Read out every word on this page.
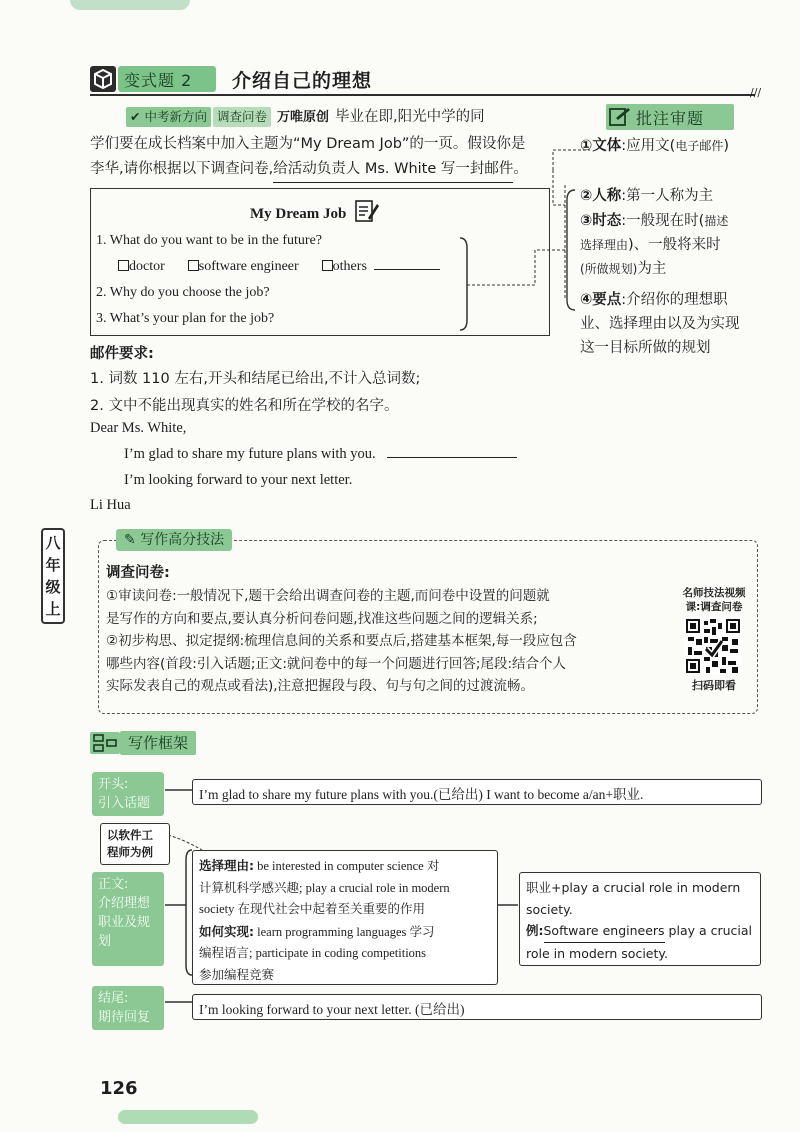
变式题 2	介绍自己的理想
///
✔ 中考新方向 调查问卷 万唯原创 毕业在即,阳光中学的同
学们要在成长档案中加入主题为“My Dream Job”的一页。假设你是
李华,请你根据以下调查问卷,给活动负责人 Ms. White 写一封邮件。
My Dream Job
1. What do you want to be in the future?
doctor software engineer others
2. Why do you choose the job?
3. What’s your plan for the job?
批注审题
①文体:应用文(电子邮件)
②人称:第一人称为主
③时态:一般现在时(描述
选择理由)、一般将来时
(所做规划)为主
④要点:介绍你的理想职
业、选择理由以及为实现
这一目标所做的规划
邮件要求:
1. 词数 110 左右,开头和结尾已给出,不计入总词数;
2. 文中不能出现真实的姓名和所在学校的名字。
Dear Ms. White,
I’m glad to share my future plans with you.
I’m looking forward to your next letter.
Li Hua
八
年
级
上
✎ 写作高分技法
调查问卷:
①审读问卷:一般情况下,题干会给出调查问卷的主题,而问卷中设置的问题就
是写作的方向和要点,要认真分析问卷问题,找准这些问题之间的逻辑关系;
②初步构思、拟定提纲:梳理信息间的关系和要点后,搭建基本框架,每一段应包含
哪些内容(首段:引入话题;正文:就问卷中的每一个问题进行回答;尾段:结合个人
实际发表自己的观点或看法),注意把握段与段、句与句之间的过渡流畅。
名师技法视频
课:调查问卷
扫码即看
写作框架
开头:
引入话题
I’m glad to share my future plans with you.(已给出) I want to become a/an+职业.
以软件工
程师为例
正文:
介绍理想
职业及规
划
选择理由: be interested in computer science 对
计算机科学感兴趣; play a crucial role in modern
society 在现代社会中起着至关重要的作用
如何实现: learn programming languages 学习
编程语言; participate in coding competitions
参加编程竞赛
职业+play a crucial role in modern
society.
例:Software engineers play a crucial
role in modern society.
结尾:
期待回复
I’m looking forward to your next letter. (已给出)
126
